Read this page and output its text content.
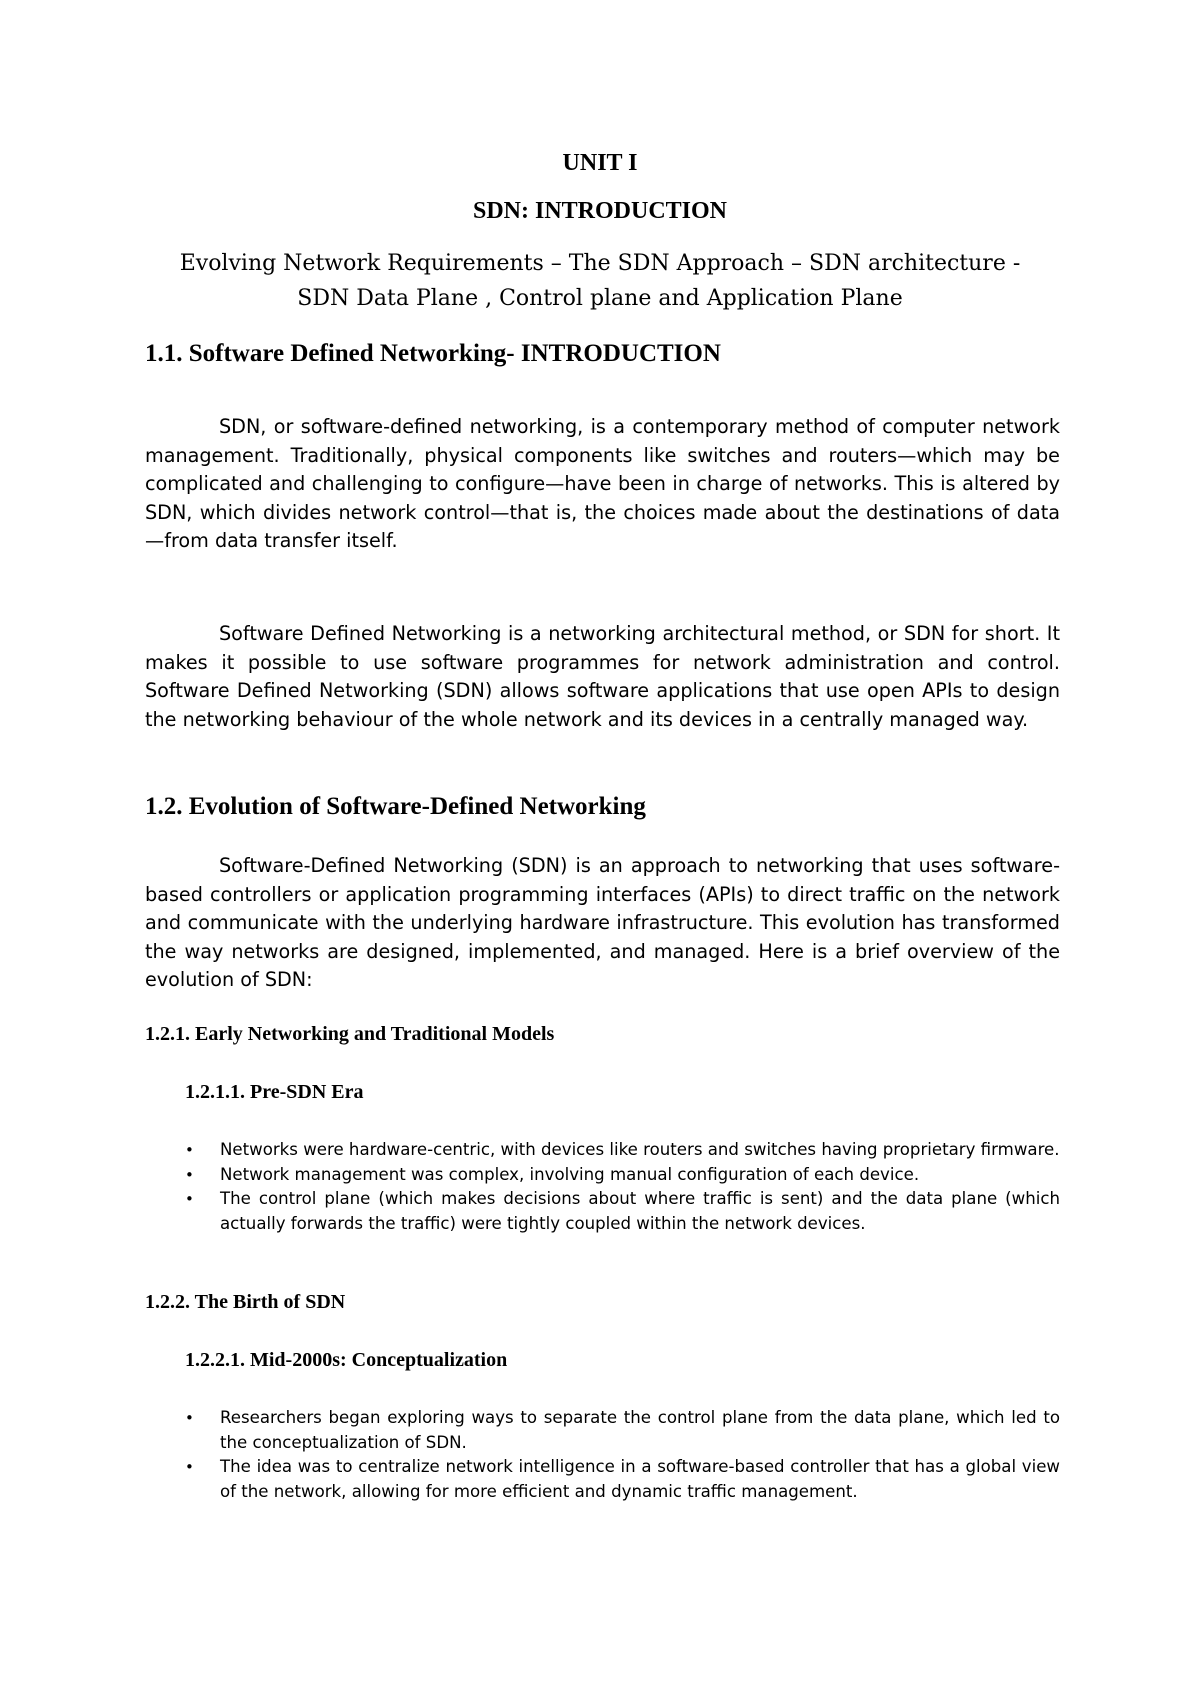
UNIT I
SDN: INTRODUCTION
Evolving Network Requirements – The SDN Approach – SDN architecture -
SDN Data Plane , Control plane and Application Plane
1.1. Software Defined Networking- INTRODUCTION

SDN, or software-defined networking, is a contemporary method of computer network management. Traditionally, physical components like switches and routers—which may be complicated and challenging to configure—have been in charge of networks. This is altered by SDN, which divides network control—that is, the choices made about the destinations of data—from data transfer itself.

Software Defined Networking is a networking architectural method, or SDN for short. It makes it possible to use software programmes for network administration and control. Software Defined Networking (SDN) allows software applications that use open APIs to design the networking behaviour of the whole network and its devices in a centrally managed way.

1.2. Evolution of Software-Defined Networking

Software-Defined Networking (SDN) is an approach to networking that uses software-based controllers or application programming interfaces (APIs) to direct traffic on the network and communicate with the underlying hardware infrastructure. This evolution has transformed the way networks are designed, implemented, and managed. Here is a brief overview of the evolution of SDN:

1.2.1. Early Networking and Traditional Models
1.2.1.1. Pre-SDN Era
• Networks were hardware-centric, with devices like routers and switches having proprietary firmware.
• Network management was complex, involving manual configuration of each device.
• The control plane (which makes decisions about where traffic is sent) and the data plane (which actually forwards the traffic) were tightly coupled within the network devices.
1.2.2. The Birth of SDN
1.2.2.1. Mid-2000s: Conceptualization
• Researchers began exploring ways to separate the control plane from the data plane, which led to the conceptualization of SDN.
• The idea was to centralize network intelligence in a software-based controller that has a global view of the network, allowing for more efficient and dynamic traffic management.
